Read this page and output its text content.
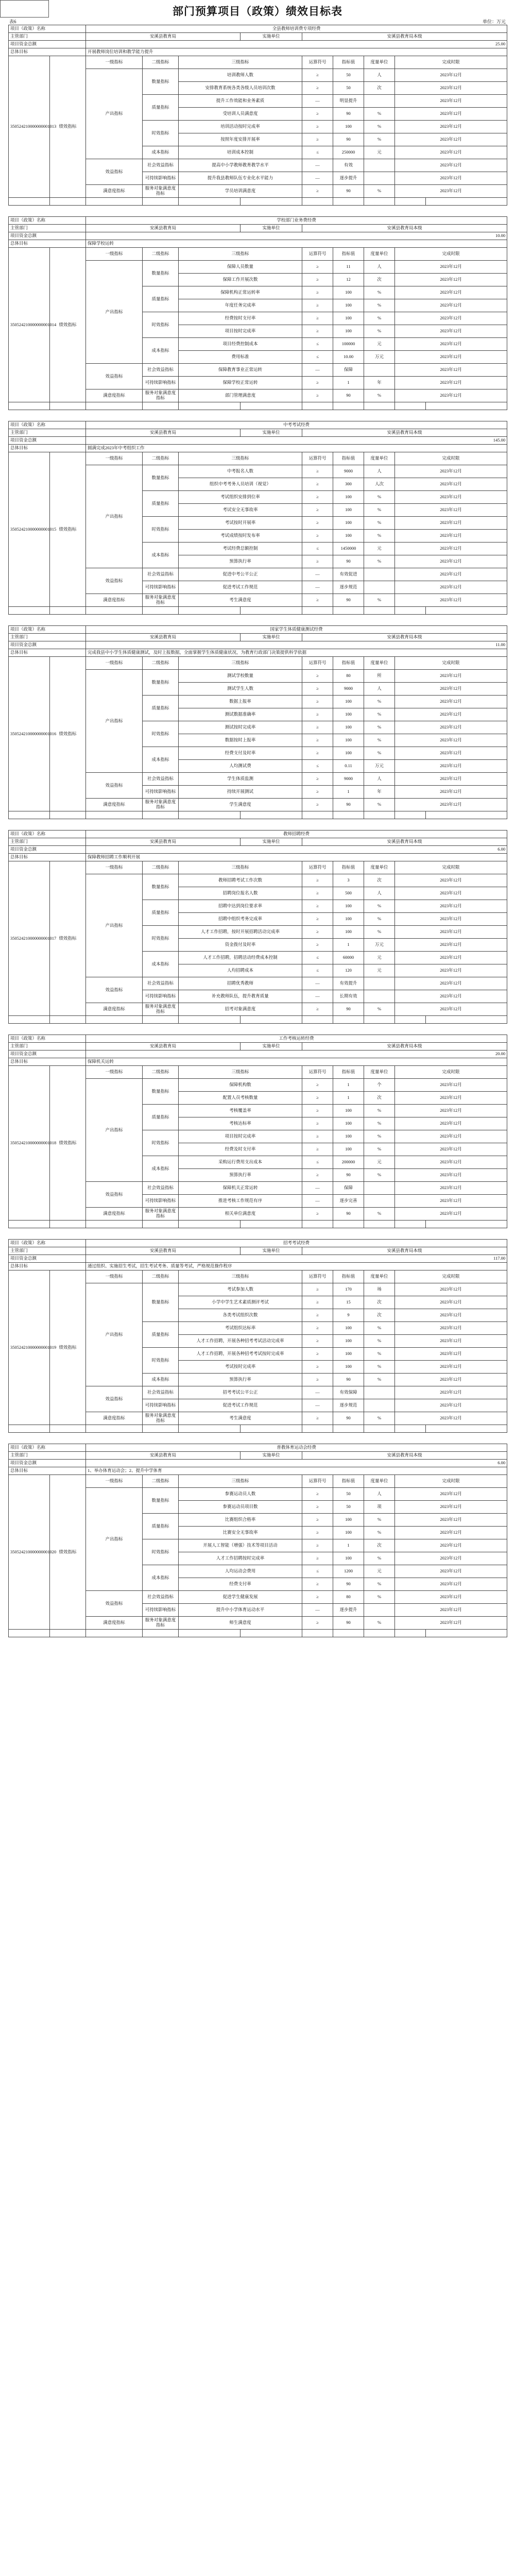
部门预算项目（政策）绩效目标表
表6	单位：万元
项目（政策）名称		全县教师培训费专项经费								
主管部门		安溪县教育局			实施单位	安溪县教育局本级				
项目资金总额		25.00								
总体目标		开展教师岗位培训和教学能力提升								
350524210000000001013	绩效指标	一级指标	二级指标	三级指标		运算符号	指标值	度量单位	完成时限	
		产出指标	数量指标	培训教师人数		≥	50	人	2023年12月	
				安排教育系统各类各级人员培训次数		≥	50	次	2023年12月	
			质量指标	提升工作效能和业务素质		—	明显提升		2023年12月	
				受培训人员满意度		≥	90	%	2023年12月	
			时效指标	培训活动按时完成率		≥	100	%	2023年12月	
				按照年度安排开展率		≥	90	%	2023年12月	
			成本指标	培训成本控制		≤	250000	元	2023年12月	
		效益指标	社会效益指标	提高中小学教师教育教学水平		—	有效		2023年12月	
			可持续影响指标	提升我县教师队伍专业化水平能力		—	逐步提升		2023年12月	
		满意度指标	服务对象满意度指标	学员培训满意度		≥	90	%	2023年12月	

项目（政策）名称		学校部门业务费经费								
主管部门		安溪县教育局			实施单位	安溪县教育局本级				
项目资金总额		10.00								
总体目标		保障学校运转								
350524210000000001014	绩效指标	一级指标	二级指标	三级指标		运算符号	指标值	度量单位	完成时限	
		产出指标	数量指标	保障人员数量		≥	11	人	2023年12月	
				保障工作开展次数		≥	12	次	2023年12月	
			质量指标	保障机构正常运转率		≥	100	%	2023年12月	
				年度任务完成率		≥	100	%	2023年12月	
			时效指标	经费按时支付率		≥	100	%	2023年12月	
				项目按时完成率		≥	100	%	2023年12月	
			成本指标	项目经费控制成本		≤	100000	元	2023年12月	
				费用标准		≤	10.00	万元	2023年12月	
		效益指标	社会效益指标	保障教育事业正常运转		—	保障		2023年12月	
			可持续影响指标	保障学校正常运转		≥	1	年	2023年12月	
		满意度指标	服务对象满意度指标	部门管理满意度		≥	90	%	2023年12月	

项目（政策）名称		中考考试经费								
主管部门		安溪县教育局			实施单位	安溪县教育局本级				
项目资金总额		145.00								
总体目标		圆满完成2023年中考组织工作								
350524210000000001015	绩效指标	一级指标	二级指标	三级指标		运算符号	指标值	度量单位	完成时限	
		产出指标	数量指标	中考报名人数		≥	9000	人	2023年12月	
				组织中考考务人员培训（视觉）		≥	300	人次	2023年12月	
			质量指标	考试组织安排到位率		≥	100	%	2023年12月	
				考试安全无事故率		≥	100	%	2023年12月	
			时效指标	考试按时开展率		≥	100	%	2023年12月	
				考试成绩按时发布率		≥	100	%	2023年12月	
			成本指标	考试经费总额控制		≤	1450000	元	2023年12月	
				预算执行率		≥	90	%	2023年12月	
		效益指标	社会效益指标	促进中考公平公正		—	有效促进		2023年12月	
			可持续影响指标	促进考试工作规范		—	逐步规范		2023年12月	
		满意度指标	服务对象满意度指标	考生满意度		≥	90	%	2023年12月	

项目（政策）名称		国家学生体质健康测试经费								
主管部门		安溪县教育局			实施单位	安溪县教育局本级				
项目资金总额		11.00								
总体目标		完成我县中小学生体质健康测试，及时上报数据，全面掌握学生体质健康状况，为教育行政部门决策提供科学依据								
350524210000000001016	绩效指标	一级指标	二级指标	三级指标		运算符号	指标值	度量单位	完成时限	
		产出指标	数量指标	测试学校数量		≥	80	所	2023年12月	
				测试学生人数		≥	9000	人	2023年12月	
			质量指标	数据上报率		≥	100	%	2023年12月	
				测试数据准确率		≥	100	%	2023年12月	
			时效指标	测试按时完成率		≥	100	%	2023年12月	
				数据按时上报率		≥	100	%	2023年12月	
			成本指标	经费支付及时率		≥	100	%	2023年12月	
				人均测试费		≤	0.11	万元	2023年12月	
		效益指标	社会效益指标	学生体质监测		≥	9000	人	2023年12月	
			可持续影响指标	持续开展测试		≥	1	年	2023年12月	
		满意度指标	服务对象满意度指标	学生满意度		≥	90	%	2023年12月	

项目（政策）名称		教师招聘经费								
主管部门		安溪县教育局			实施单位	安溪县教育局本级				
项目资金总额		6.00								
总体目标		保障教师招聘工作顺利开展								
350524210000000001017	绩效指标	一级指标	二级指标	三级指标		运算符号	指标值	度量单位	完成时限	
		产出指标	数量指标	教师招聘考试工作次数		≥	3	次	2023年12月	
				招聘岗位报名人数		≥	500	人	2023年12月	
			质量指标	招聘中达到岗位要求率		≥	100	%	2023年12月	
				招聘中组织考务完成率		≥	100	%	2023年12月	
			时效指标	人才工作招聘，按时开展招聘活动完成率		≥	100	%	2023年12月	
				资金拨付及时率		≥	1	万元	2023年12月	
			成本指标	人才工作招聘，招聘活动经费成本控制		≤	60000	元	2023年12月	
				人均招聘成本		≤	120	元	2023年12月	
		效益指标	社会效益指标	招聘优秀教师		—	有效提升		2023年12月	
			可持续影响指标	补充教师队伍，提升教育质量		—	长期有效		2023年12月	
		满意度指标	服务对象满意度指标	招考对象满意度		≥	90	%	2023年12月	

项目（政策）名称		工作考核运转经费								
主管部门		安溪县教育局			实施单位	安溪县教育局本级				
项目资金总额		20.00								
总体目标		保障机关运转								
350524210000000001018	绩效指标	一级指标	二级指标	三级指标		运算符号	指标值	度量单位	完成时限	
		产出指标	数量指标	保障机构数		≥	1	个	2023年12月	
				配置人员考核数量		≥	1	次	2023年12月	
			质量指标	考核覆盖率		≥	100	%	2023年12月	
				考核达标率		≥	100	%	2023年12月	
			时效指标	项目按时完成率		≥	100	%	2023年12月	
				经费及时支付率		≥	100	%	2023年12月	
			成本指标	采购运行费用支出成本		≤	200000	元	2023年12月	
				预算执行率		≥	90	%	2023年12月	
		效益指标	社会效益指标	保障机关正常运转		—	保障		2023年12月	
			可持续影响指标	推进考核工作规范有序		—	逐步完善		2023年12月	
		满意度指标	服务对象满意度指标	相关单位满意度		≥	90	%	2023年12月	

项目（政策）名称		招考考试经费								
主管部门		安溪县教育局			实施单位	安溪县教育局本级				
项目资金总额		117.00								
总体目标		通过组织、实施招生考试，招生考试考务、质量等考试，严格规范操作程序								
350524210000000001019	绩效指标	一级指标	二级指标	三级指标		运算符号	指标值	度量单位	完成时限	
		产出指标	数量指标	考试参加人数		≥	170	场	2023年12月	
				小学中学生艺术素质测评考试		≥	15	次	2023年12月	
				各类考试组织次数		≥	9	次	2023年12月	
			质量指标	考试组织达标率		≥	100	%	2023年12月	
				人才工作招聘，开展各种招考考试活动完成率		≥	100	%	2023年12月	
			时效指标	人才工作招聘，开展各种招考考试按时完成率		≥	100	%	2023年12月	
				考试按时完成率		≥	100	%	2023年12月	
			成本指标	预算执行率		≥	90	%	2023年12月	
		效益指标	社会效益指标	招考考试公平公正		—	有效保障		2023年12月	
			可持续影响指标	促进考试工作规范		—	逐步规范		2023年12月	
		满意度指标	服务对象满意度指标	考生满意度		≥	90	%	2023年12月	

项目（政策）名称		普教体育运动会经费								
主管部门		安溪县教育局			实施单位	安溪县教育局本级				
项目资金总额		6.00								
总体目标		1、举办体育运动会；2、提升中学体育								
350524210000000001020	绩效指标	一级指标	二级指标	三级指标		运算符号	指标值	度量单位	完成时限	
		产出指标	数量指标	参赛运动员人数		≥	50	人	2023年12月	
				参赛运动员项目数		≥	50	项	2023年12月	
			质量指标	比赛组织合格率		≥	100	%	2023年12月	
				比赛安全无事故率		≥	100	%	2023年12月	
			时效指标	开展人工智能（增强）技术等项目活动		≥	1	次	2023年12月	
				人才工作招聘按时完成率		≥	100	%	2023年12月	
			成本指标	人均运动会费用		≤	1200	元	2023年12月	
				经费支付率		≥	90	%	2023年12月	
		效益指标	社会效益指标	促进学生健康发展		≥	80	%	2023年12月	
			可持续影响指标	提升中小学体育运动水平		—	逐步提升		2023年12月	
		满意度指标	服务对象满意度指标	师生满意度		≥	90	%	2023年12月	
